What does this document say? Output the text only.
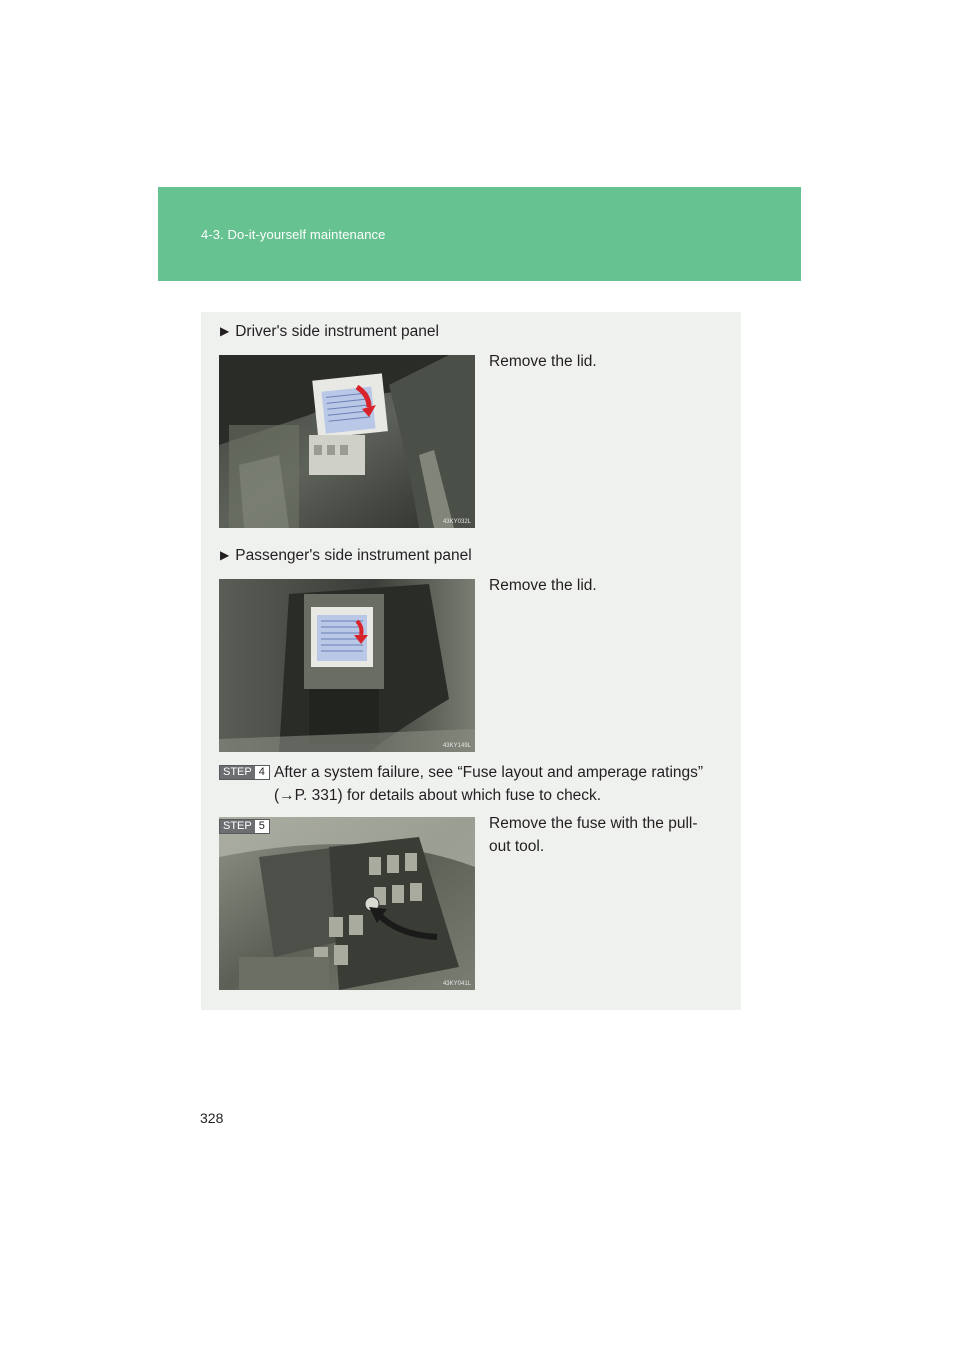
4-3. Do-it-yourself maintenance
▶ Driver's side instrument panel
43KY032L
Remove the lid.
▶ Passenger's side instrument panel
43KY149L
Remove the lid.
STEP 4 After a system failure, see “Fuse layout and amperage ratings”
(→P. 331) for details about which fuse to check.
43KY041L
STEP 5	Remove the fuse with the pull-
out tool.
328
